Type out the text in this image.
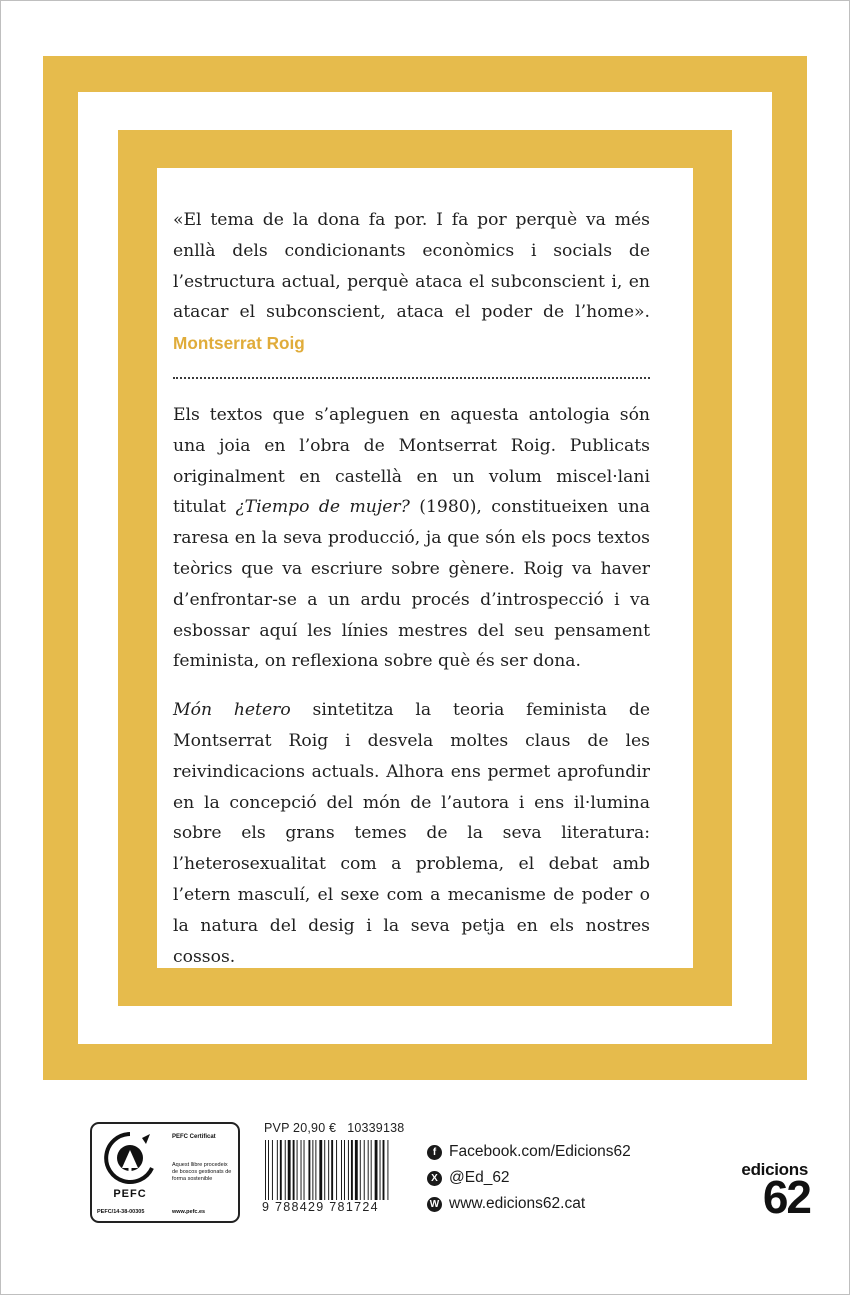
«El tema de la dona fa por. I fa por perquè va més enllà dels condicionants econòmics i socials de l’estructura actual, perquè ataca el subconscient i, en atacar el subconscient, ataca el poder de l’home». Montserrat Roig

Els textos que s’apleguen en aquesta antologia són una joia en l’obra de Montserrat Roig. Publicats originalment en castellà en un volum miscel·lani titulat ¿Tiempo de mujer? (1980), constitueixen una raresa en la seva producció, ja que són els pocs textos teòrics que va escriure sobre gènere. Roig va haver d’enfrontar-se a un ardu procés d’introspecció i va esbossar aquí les línies mestres del seu pensament feminista, on reflexiona sobre què és ser dona.

Món hetero sintetitza la teoria feminista de Montserrat Roig i desvela moltes claus de les reivindicacions actuals. Alhora ens permet aprofundir en la concepció del món de l’autora i ens il·lumina sobre els grans temes de la seva literatura: l’heterosexualitat com a problema, el debat amb l’etern masculí, el sexe com a mecanisme de poder o la natura del desig i la seva petja en els nostres cossos.

PEFC
PEFC/14-38-00305
PEFC Certificat
Aquest llibre procedeix de boscos gestionats de forma sostenible
www.pefc.es
PVP 20,90 € 10339138
9 788429 781724
f Facebook.com/Edicions62
X @Ed_62
W www.edicions62.cat
edicions
62
